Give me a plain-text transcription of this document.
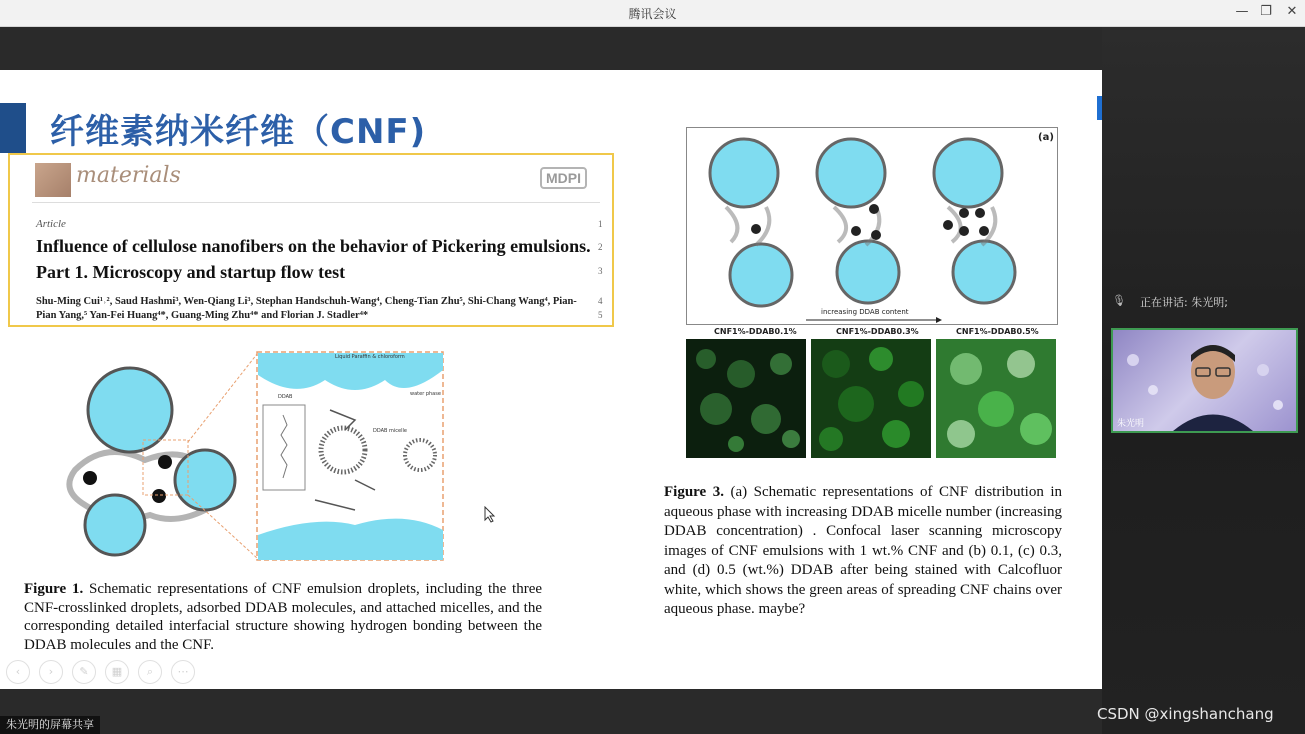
腾讯会议	— ❐	✕
纤维素纳米纤维（CNF)
materials	MDPI
Article
Influence of cellulose nanofibers on the behavior of Pickering emulsions. Part 1. Microscopy and startup flow test
Shu-Ming Cui¹˒², Saud Hashmi³, Wen-Qiang Li³, Stephan Handschuh-Wang⁴, Cheng-Tian Zhu⁵, Shi-Chang Wang⁴, Pian-Pian Yang,⁵ Yan-Fei Huang⁴*, Guang-Ming Zhu⁴* and Florian J. Stadler⁴*
1
2
3
4
5
Liquid Paraffin & chloroform
water phase
DDAB
DDAB micelle
(a)
increasing DDAB content
CNF1%-DDAB0.1%	CNF1%-DDAB0.3%	CNF1%-DDAB0.5%
Figure 1. Schematic representations of CNF emulsion droplets, including the three CNF-crosslinked droplets, adsorbed DDAB molecules, and attached micelles, and the corresponding detailed interfacial structure showing hydrogen bonding between the DDAB molecules and the CNF.
Figure 3. (a) Schematic representations of CNF distribution in aqueous phase with increasing DDAB micelle number (increasing DDAB concentration) . Confocal laser scanning microscopy images of CNF emulsions with 1 wt.% CNF and (b) 0.1, (c) 0.3, and (d) 0.5 (wt.%) DDAB after being stained with Calcofluor white, which shows the green areas of spreading CNF chains over aqueous phase. maybe?
‹	›	✎	▦	⌕	⋯
🎙 正在讲话: 朱光明;
朱光明
朱光明的屏幕共享
CSDN @xingshanchang
